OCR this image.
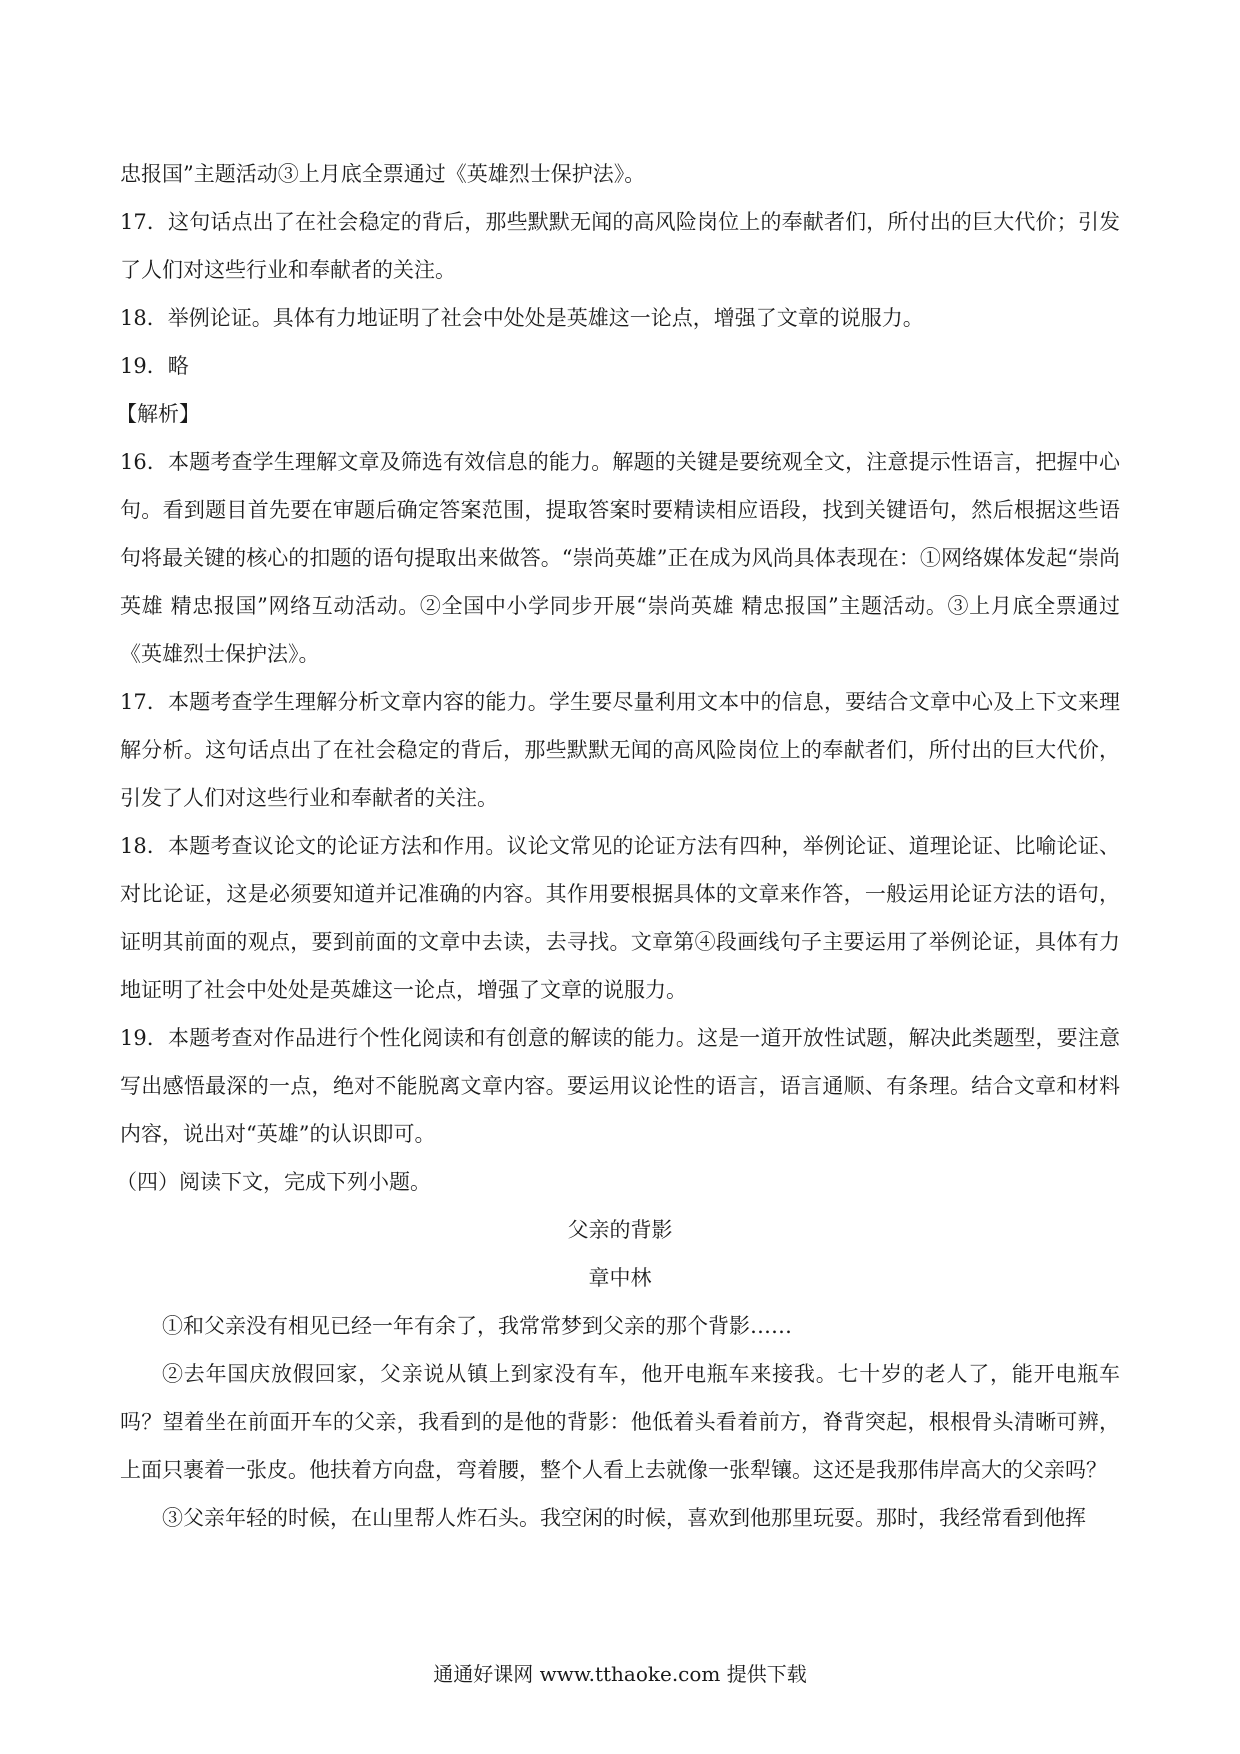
忠报国”主题活动③上月底全票通过《英雄烈士保护法》。

17．这句话点出了在社会稳定的背后，那些默默无闻的高风险岗位上的奉献者们，所付出的巨大代价；引发了人们对这些行业和奉献者的关注。

18．举例论证。具体有力地证明了社会中处处是英雄这一论点，增强了文章的说服力。

19．略

【解析】

16．本题考查学生理解文章及筛选有效信息的能力。解题的关键是要统观全文，注意提示性语言，把握中心句。看到题目首先要在审题后确定答案范围，提取答案时要精读相应语段，找到关键语句，然后根据这些语句将最关键的核心的扣题的语句提取出来做答。“崇尚英雄”正在成为风尚具体表现在：①网络媒体发起“崇尚英雄 精忠报国”网络互动活动。②全国中小学同步开展“崇尚英雄 精忠报国”主题活动。③上月底全票通过《英雄烈士保护法》。

17．本题考查学生理解分析文章内容的能力。学生要尽量利用文本中的信息，要结合文章中心及上下文来理解分析。这句话点出了在社会稳定的背后，那些默默无闻的高风险岗位上的奉献者们，所付出的巨大代价，引发了人们对这些行业和奉献者的关注。

18．本题考查议论文的论证方法和作用。议论文常见的论证方法有四种，举例论证、道理论证、比喻论证、对比论证，这是必须要知道并记准确的内容。其作用要根据具体的文章来作答，一般运用论证方法的语句，证明其前面的观点，要到前面的文章中去读，去寻找。文章第④段画线句子主要运用了举例论证，具体有力地证明了社会中处处是英雄这一论点，增强了文章的说服力。

19．本题考查对作品进行个性化阅读和有创意的解读的能力。这是一道开放性试题，解决此类题型，要注意写出感悟最深的一点，绝对不能脱离文章内容。要运用议论性的语言，语言通顺、有条理。结合文章和材料内容，说出对“英雄”的认识即可。

（四）阅读下文，完成下列小题。

父亲的背影

章中林

①和父亲没有相见已经一年有余了，我常常梦到父亲的那个背影……

②去年国庆放假回家，父亲说从镇上到家没有车，他开电瓶车来接我。七十岁的老人了，能开电瓶车吗？望着坐在前面开车的父亲，我看到的是他的背影：他低着头看着前方，脊背突起，根根骨头清晰可辨，上面只裹着一张皮。他扶着方向盘，弯着腰，整个人看上去就像一张犁镶。这还是我那伟岸高大的父亲吗？

③父亲年轻的时候，在山里帮人炸石头。我空闲的时候，喜欢到他那里玩耍。那时，我经常看到他挥

通通好课网 www.tthaoke.com 提供下载
